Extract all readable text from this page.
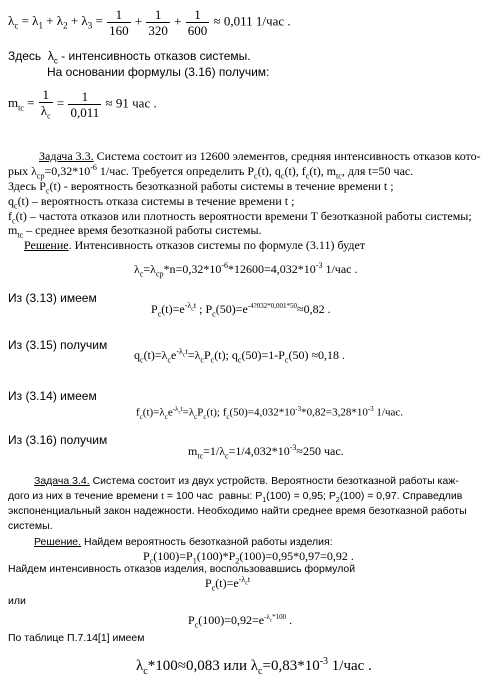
$\lambda_c = \lambda_1 + \lambda_2 + \lambda_3 = \frac{1}{160} + \frac{1}{320} + \frac{1}{600} \approx 0,011$ 1/час .
Здесь  $\lambda_c$ - интенсивность отказов системы.
На основании формулы (3.16) получим:
$m_{tc} = \frac{1}{\lambda_c} = \frac{1}{0,011} \approx 91$ час .
Задача 3.3. Система состоит из 12600 элементов, средняя интенсивность отказов кото-
рых $\lambda_{ср}=0,32*10^{-6}$ 1/час. Требуется определить $P_c(t)$, $q_c(t)$, $f_c(t)$, $m_{tc}$, для t=50 час.
Здесь $P_c(t)$ - вероятность безотказной работы системы в течение времени t ;
$q_c(t)$ – вероятность отказа системы в течение времени t ;
$f_c(t)$ – частота отказов или плотность вероятности времени T безотказной работы системы;
$m_{tc}$ – среднее время безотказной работы системы.
Решение. Интенсивность отказов системы по формуле (3.11) будет
$\lambda_c=\lambda_{ср}*n=0,32*10^{-6}*12600=4,032*10^{-3}$ 1/час .
Из (3.13) имеем
$P_c(t)=e^{-\lambda_ct}$ ; $P_c(50)=e^{-4?032*0,001*50}\approx 0,82$ .
Из (3.15) получим
$q_c(t)=\lambda_ce^{-\lambda_ct}=\lambda_cP_c(t)$; $q_c(50)=1-P_c(50) \approx 0,18$ .
Из (3.14) имеем
$f_c(t)=\lambda_ce^{-\lambda_ct}=\lambda_cP_c(t)$; $f_c(50)=4,032*10^{-3}*0,82=3,28*10^{-3}$ 1/час.
Из (3.16) получим
$m_{tc}=1/\lambda_c=1/4,032*10^{-3}\approx 250$ час.
Задача 3.4. Система состоит из двух устройств. Вероятности безотказной работы каж-
дого из них в течение времени t = 100 час  равны: $P_1(100) = 0,95$; $P_2(100) = 0,97$. Справедлив
экспоненциальный закон надежности. Необходимо найти среднее время безотказной работы
системы.
Решение. Найдем вероятность безотказной работы изделия:
$P_c(100)=P_1(100)*P_2(100)=0,95*0,97=0,92$ .
Найдем интенсивность отказов изделия, воспользовавшись формулой
$P_c(t)=e^{-\lambda_ct}$
или
$P_c(100)=0,92=e^{-\lambda_c*100}$ .
По таблице П.7.14[1] имеем
$\lambda_c*100\approx 0,083$ или $\lambda_c=0,83*10^{-3}$ 1/час .
